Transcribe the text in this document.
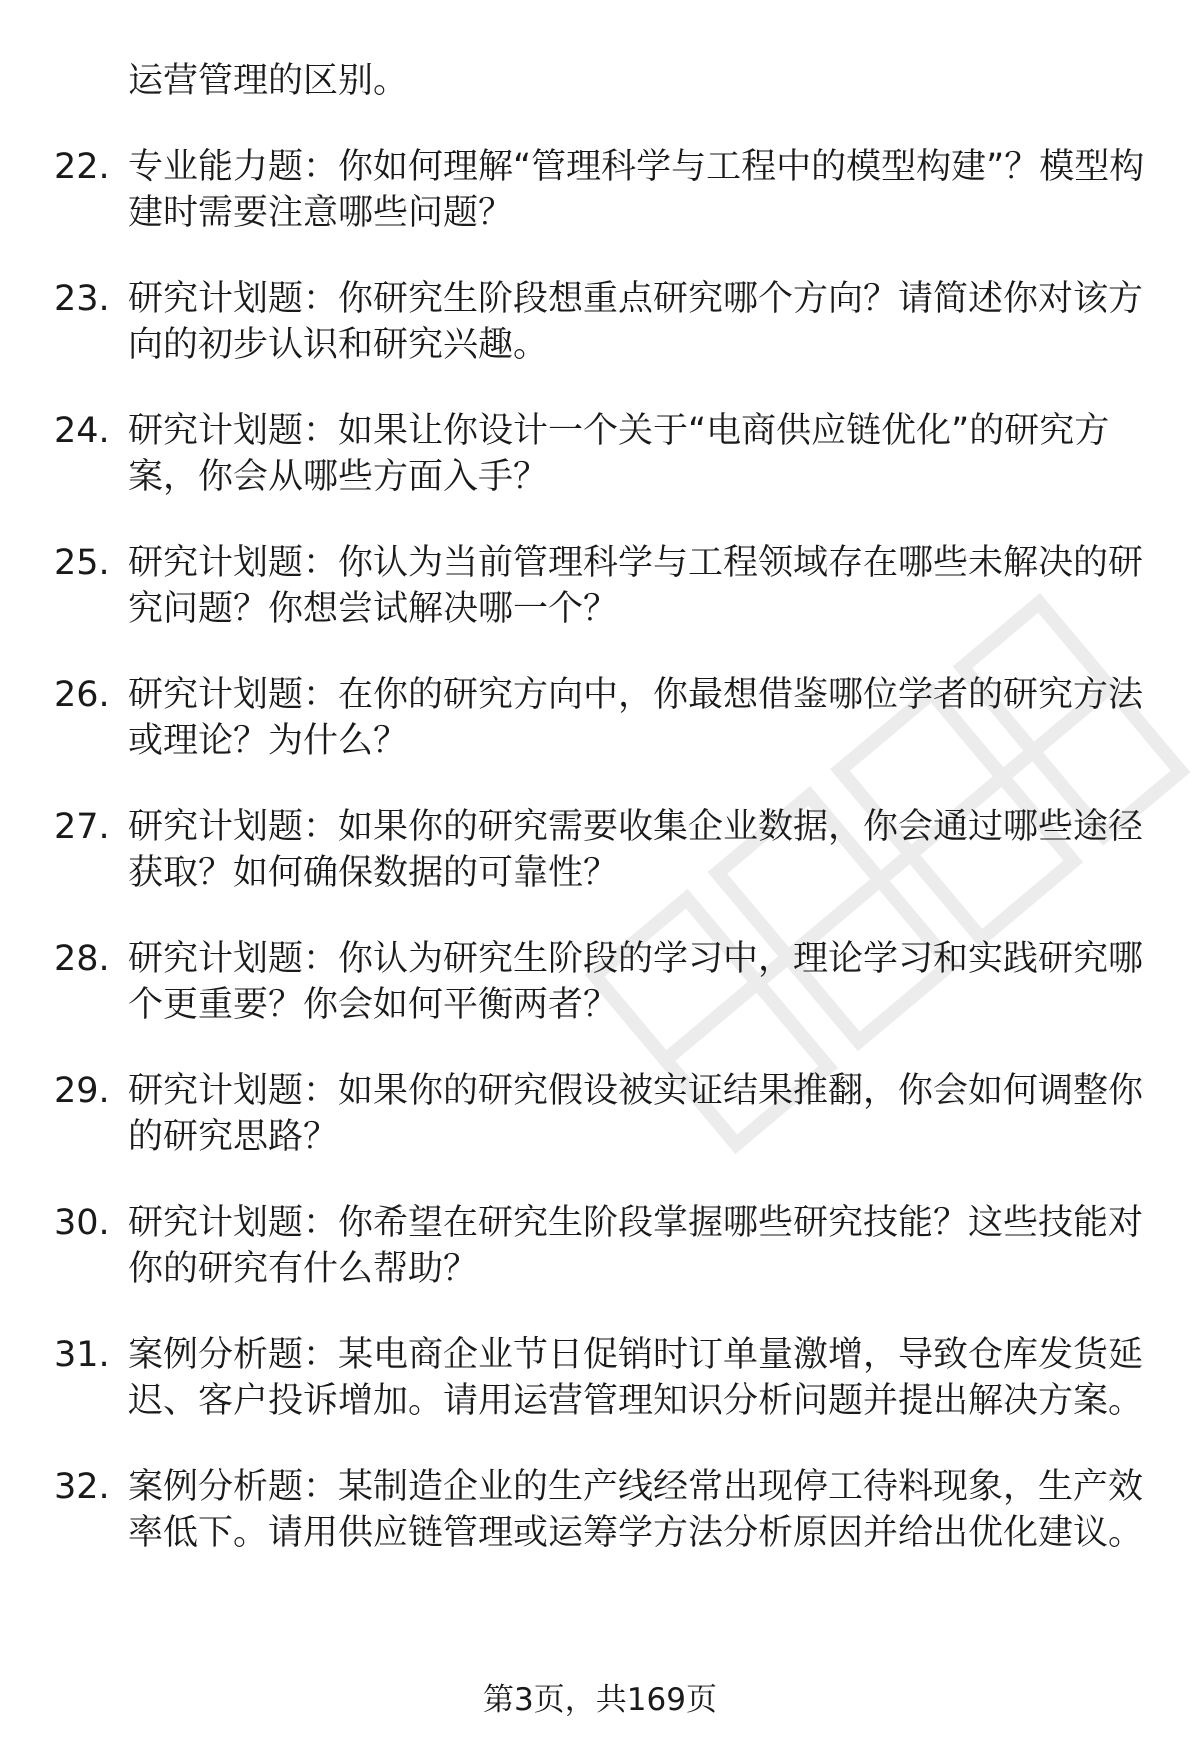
运营管理的区别。
22. 专业能力题：你如何理解“管理科学与工程中的模型构建”？模型构建时需要注意哪些问题？
23. 研究计划题：你研究生阶段想重点研究哪个方向？请简述你对该方向的初步认识和研究兴趣。
24. 研究计划题：如果让你设计一个关于“电商供应链优化”的研究方案，你会从哪些方面入手？
25. 研究计划题：你认为当前管理科学与工程领域存在哪些未解决的研究问题？你想尝试解决哪一个？
26. 研究计划题：在你的研究方向中，你最想借鉴哪位学者的研究方法或理论？为什么？
27. 研究计划题：如果你的研究需要收集企业数据，你会通过哪些途径获取？如何确保数据的可靠性？
28. 研究计划题：你认为研究生阶段的学习中，理论学习和实践研究哪个更重要？你会如何平衡两者？
29. 研究计划题：如果你的研究假设被实证结果推翻，你会如何调整你的研究思路？
30. 研究计划题：你希望在研究生阶段掌握哪些研究技能？这些技能对你的研究有什么帮助？
31. 案例分析题：某电商企业节日促销时订单量激增，导致仓库发货延迟、客户投诉增加。请用运营管理知识分析问题并提出解决方案。
32. 案例分析题：某制造企业的生产线经常出现停工待料现象，生产效率低下。请用供应链管理或运筹学方法分析原因并给出优化建议。
第3页，共169页
